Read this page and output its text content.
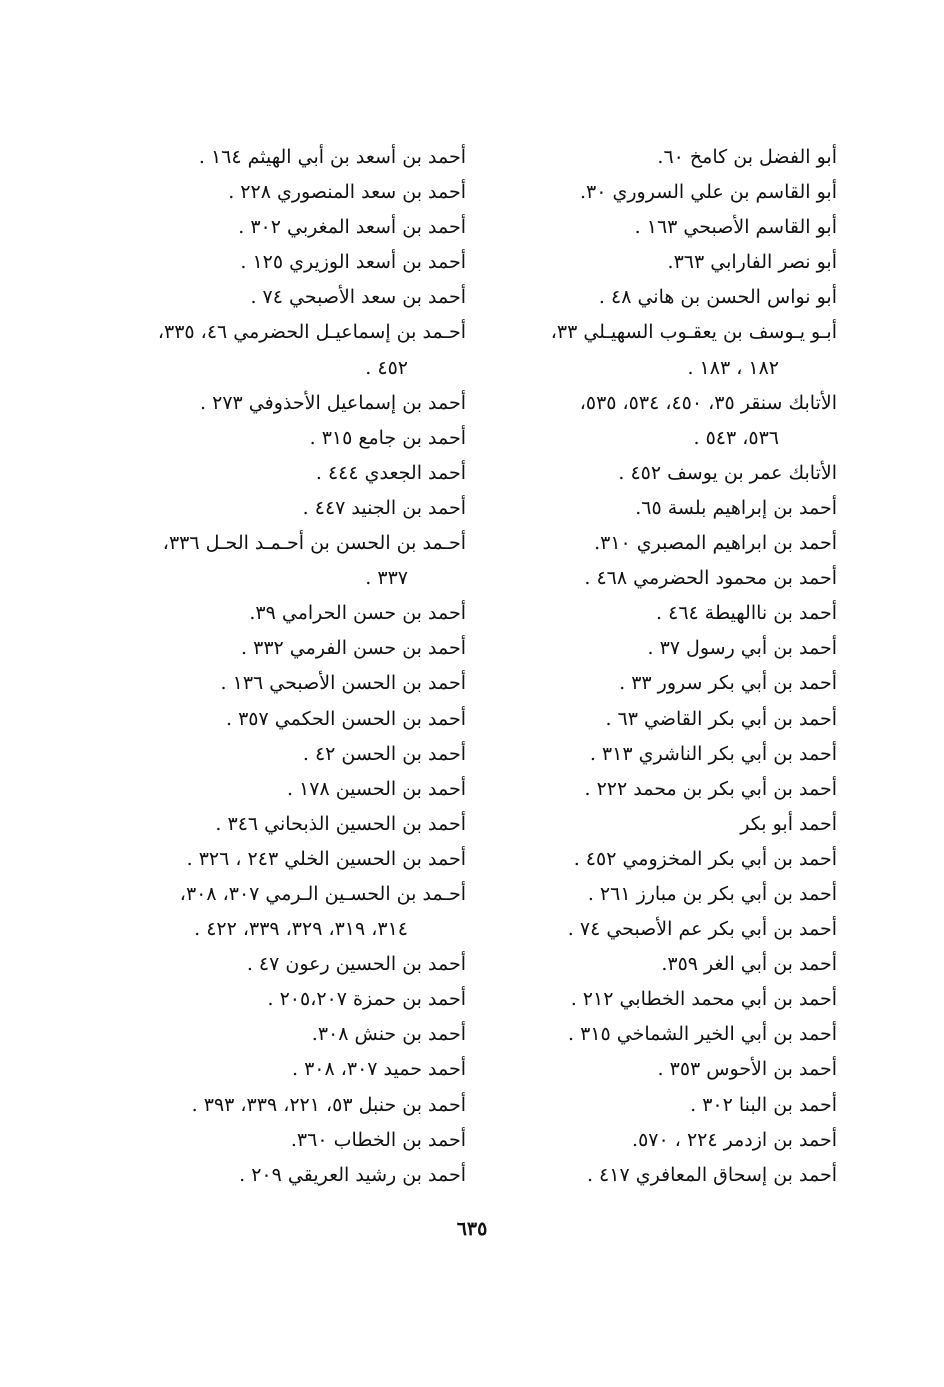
أبو الفضل بن كامخ ٦٠.
أبو القاسم بن علي السروري ٣٠.
أبو القاسم الأصبحي ١٦٣ .
أبو نصر الفارابي ٣٦٣.
أبو نواس الحسن بن هاني ٤٨ .
أبـو يـوسف بن يعقـوب السهيـلي ٣٣،
١٨٢ ، ١٨٣ .
الأتابك سنقر ٣٥، ٤٥٠، ٥٣٤، ٥٣٥،
٥٣٦، ٥٤٣ .
الأتابك عمر بن يوسف ٤٥٢ .
أحمد بن إبراهيم بلسة ٦٥.
أحمد بن ابراهيم المصبري ٣١٠.
أحمد بن محمود الحضرمي ٤٦٨ .
أحمد بن ناالهيطة ٤٦٤ .
أحمد بن أبي رسول ٣٧ .
أحمد بن أبي بكر سرور ٣٣ .
أحمد بن أبي بكر القاضي ٦٣ .
أحمد بن أبي بكر الناشري ٣١٣ .
أحمد بن أبي بكر بن محمد ٢٢٢ .
أحمد أبو بكر
أحمد بن أبي بكر المخزومي ٤٥٢ .
أحمد بن أبي بكر بن مبارز ٢٦١ .
أحمد بن أبي بكر عم الأصبحي ٧٤ .
أحمد بن أبي الغر ٣٥٩.
أحمد بن أبي محمد الخطابي ٢١٢ .
أحمد بن أبي الخير الشماخي ٣١٥ .
أحمد بن الأحوس ٣٥٣ .
أحمد بن البنا ٣٠٢ .
أحمد بن ازدمر ٢٢٤ ، ٥٧٠.
أحمد بن إسحاق المعافري ٤١٧ .
أحمد بن أسعد بن أبي الهيثم ١٦٤ .
أحمد بن سعد المنصوري ٢٢٨ .
أحمد بن أسعد المغربي ٣٠٢ .
أحمد بن أسعد الوزيري ١٢٥ .
أحمد بن سعد الأصبحي ٧٤ .
أحـمد بن إسماعيـل الحضرمي ٤٦، ٣٣٥،
٤٥٢ .
أحمد بن إسماعيل الأحذوفي ٢٧٣ .
أحمد بن جامع ٣١٥ .
أحمد الجعدي ٤٤٤ .
أحمد بن الجنيد ٤٤٧ .
أحـمد بن الحسن بن أحـمـد الحـل ٣٣٦،
٣٣٧ .
أحمد بن حسن الحرامي ٣٩.
أحمد بن حسن الفرمي ٣٣٢ .
أحمد بن الحسن الأصبحي ١٣٦ .
أحمد بن الحسن الحكمي ٣٥٧ .
أحمد بن الحسن ٤٢ .
أحمد بن الحسين ١٧٨ .
أحمد بن الحسين الذبحاني ٣٤٦ .
أحمد بن الحسين الخلي ٢٤٣ ، ٣٢٦ .
أحـمد بن الحسـين الـرمي ٣٠٧، ٣٠٨،
٣١٤، ٣١٩، ٣٢٩، ٣٣٩، ٤٢٢ .
أحمد بن الحسين رعون ٤٧ .
أحمد بن حمزة ٢٠٥،٢٠٧ .
أحمد بن حنش ٣٠٨.
أحمد حميد ٣٠٧، ٣٠٨ .
أحمد بن حنبل ٥٣، ٢٢١، ٣٣٩، ٣٩٣ .
أحمد بن الخطاب ٣٦٠.
أحمد بن رشيد العريقي ٢٠٩ .
٦٣٥
